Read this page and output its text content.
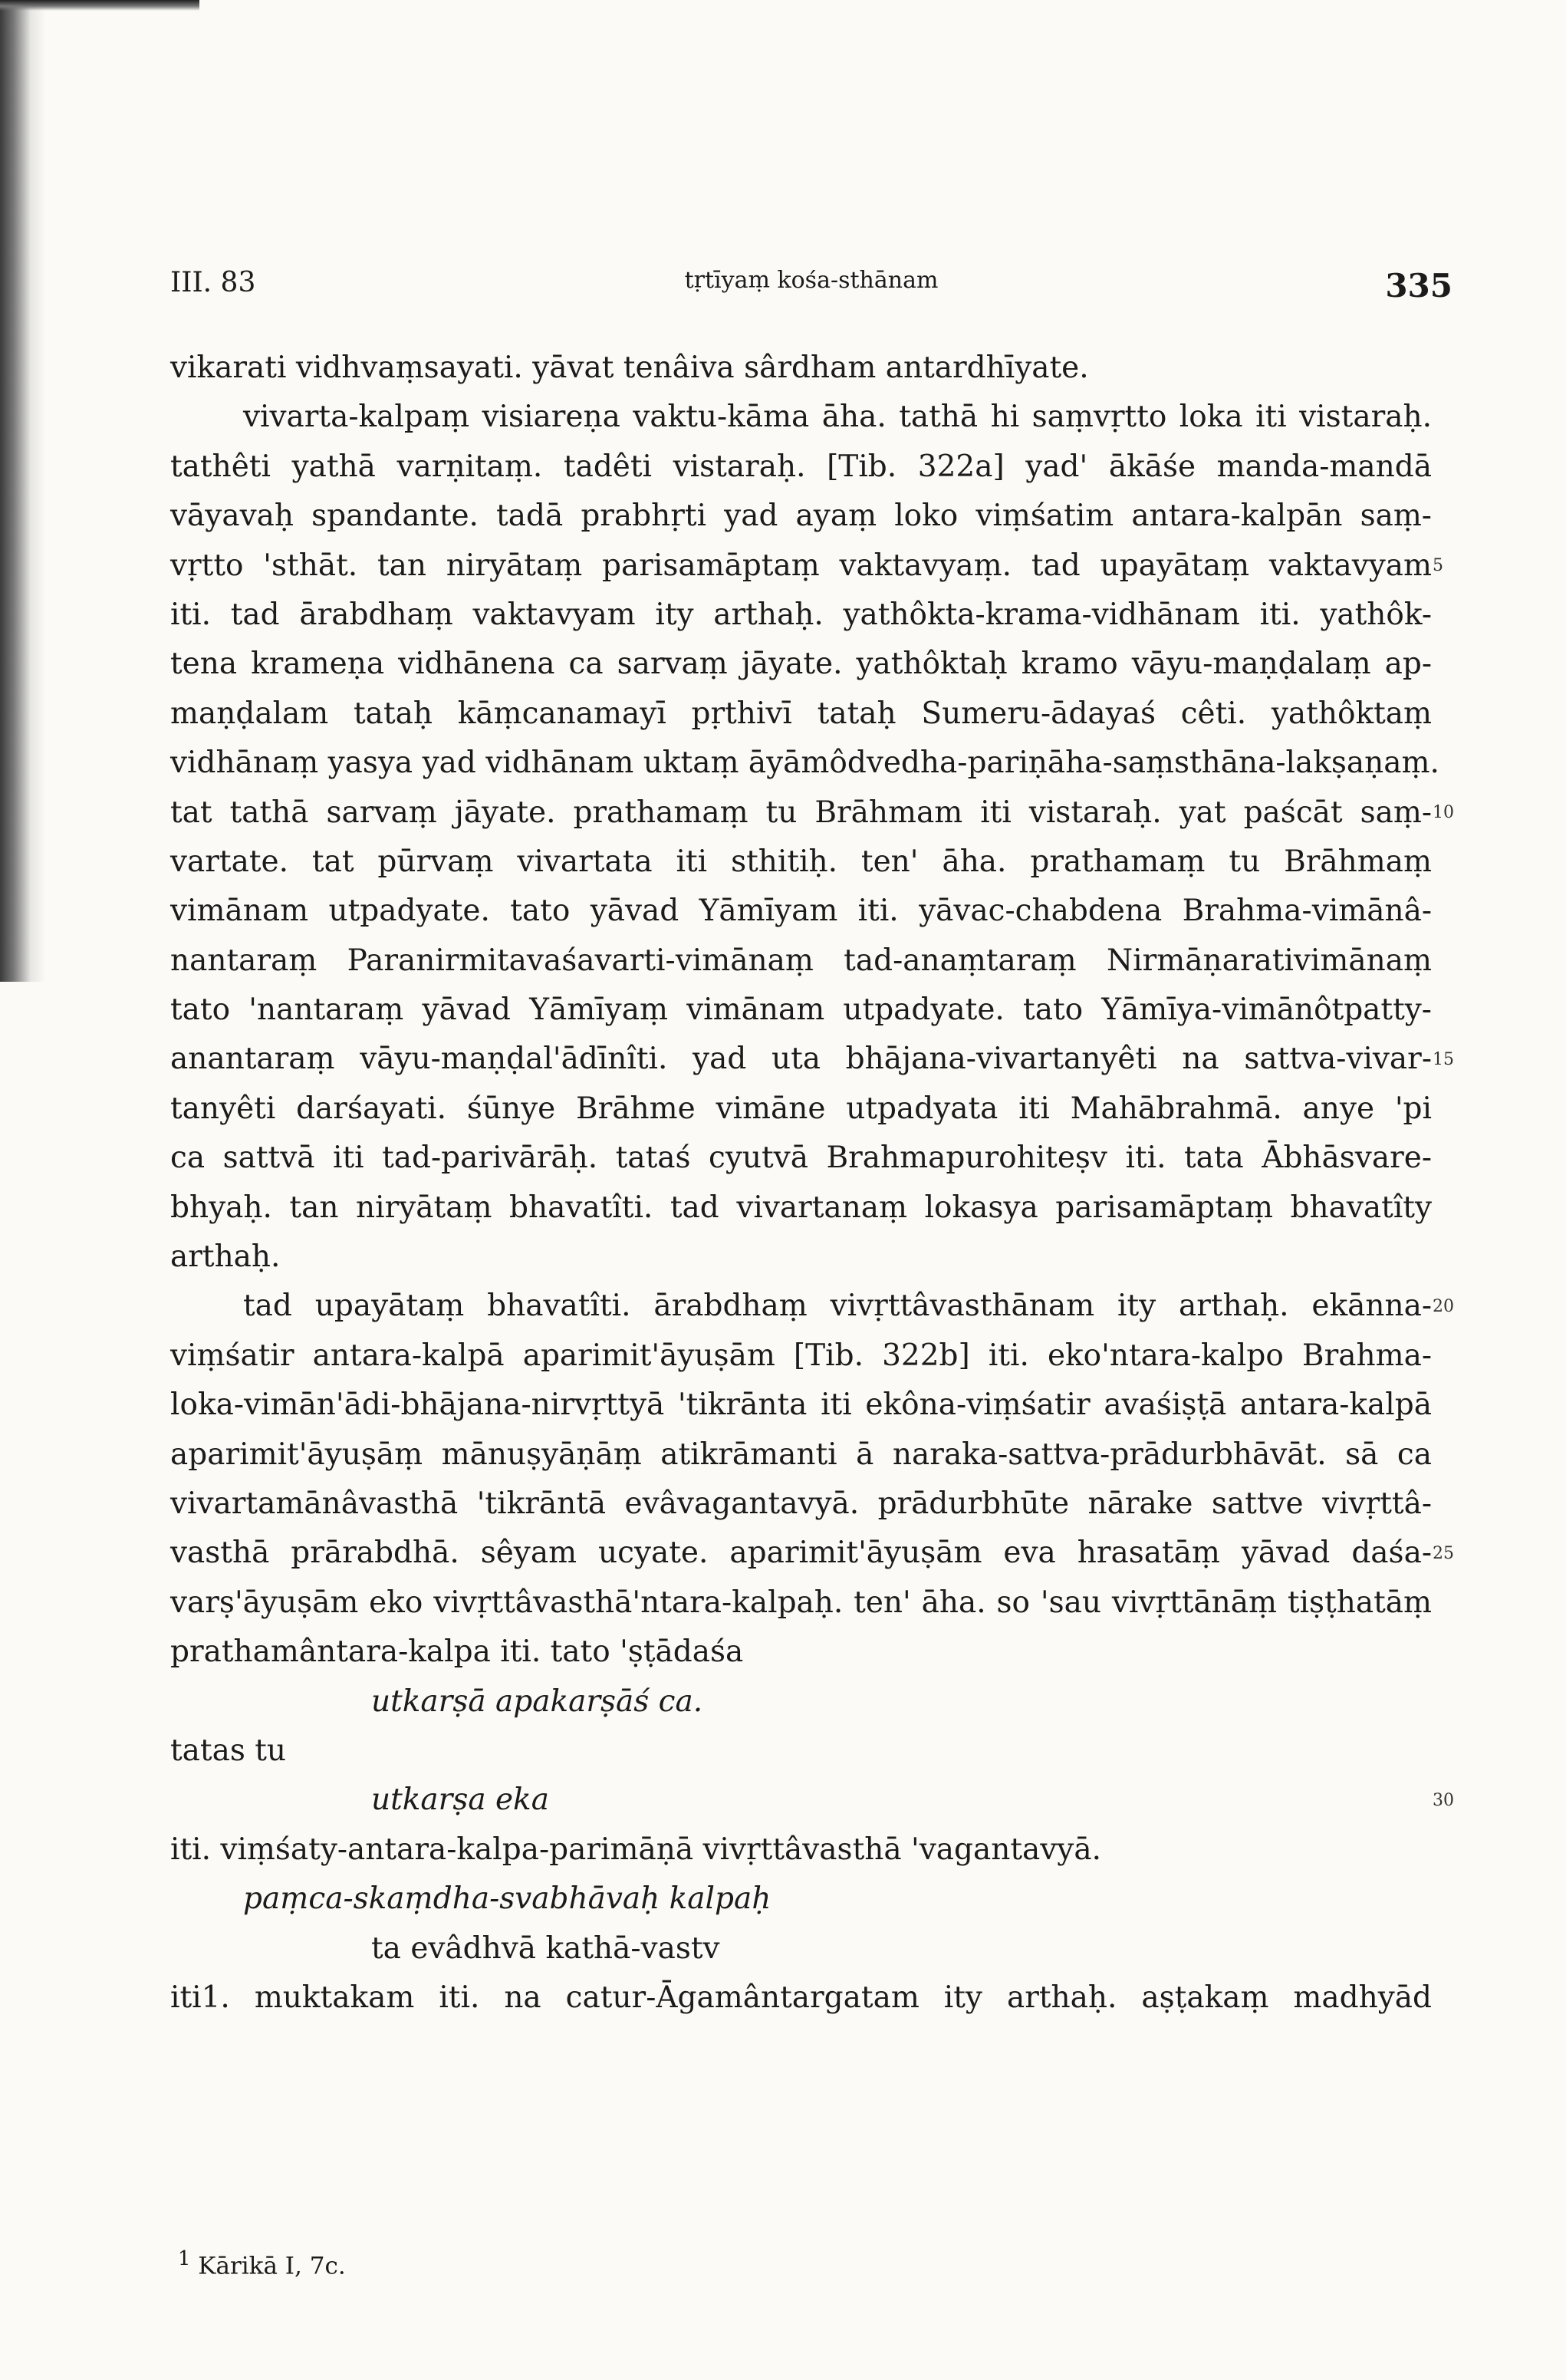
III. 83	tṛtīyaṃ kośa-sthānam	335
vikarati vidhvaṃsayati. yāvat tenâiva sârdham antardhīyate.
vivarta-kalpaṃ visiareṇa vaktu-kāma āha. tathā hi saṃvṛtto loka iti vistaraḥ.
tathêti yathā varṇitaṃ. tadêti vistaraḥ. [Tib. 322a] yad' ākāśe manda-mandā
vāyavaḥ spandante. tadā prabhṛti yad ayaṃ loko viṃśatim antara-kalpān saṃ-
vṛtto 'sthāt. tan niryātaṃ parisamāptaṃ vaktavyaṃ. tad upayātaṃ vaktavyam
iti. tad ārabdhaṃ vaktavyam ity arthaḥ. yathôkta-krama-vidhānam iti. yathôk-
tena krameṇa vidhānena ca sarvaṃ jāyate. yathôktaḥ kramo vāyu-maṇḍalaṃ ap-
maṇḍalam tataḥ kāṃcanamayī pṛthivī tataḥ Sumeru-ādayaś cêti. yathôktaṃ
vidhānaṃ yasya yad vidhānam uktaṃ āyāmôdvedha-pariṇāha-saṃsthāna-lakṣaṇaṃ.
tat tathā sarvaṃ jāyate. prathamaṃ tu Brāhmam iti vistaraḥ. yat paścāt saṃ-
vartate. tat pūrvaṃ vivartata iti sthitiḥ. ten' āha. prathamaṃ tu Brāhmaṃ
vimānam utpadyate. tato yāvad Yāmīyam iti. yāvac-chabdena Brahma-vimānâ-
nantaraṃ Paranirmitavaśavarti-vimānaṃ tad-anaṃtaraṃ Nirmāṇarativimānaṃ
tato 'nantaraṃ yāvad Yāmīyaṃ vimānam utpadyate. tato Yāmīya-vimānôtpatty-
anantaraṃ vāyu-maṇḍal'ādīnîti. yad uta bhājana-vivartanyêti na sattva-vivar-
tanyêti darśayati. śūnye Brāhme vimāne utpadyata iti Mahābrahmā. anye 'pi
ca sattvā iti tad-parivārāḥ. tataś cyutvā Brahmapurohiteṣv iti. tata Ābhāsvare-
bhyaḥ. tan niryātaṃ bhavatîti. tad vivartanaṃ lokasya parisamāptaṃ bhavatîty
arthaḥ.
tad upayātaṃ bhavatîti. ārabdhaṃ vivṛttâvasthānam ity arthaḥ. ekānna-
viṃśatir antara-kalpā aparimit'āyuṣām [Tib. 322b] iti. eko'ntara-kalpo Brahma-
loka-vimān'ādi-bhājana-nirvṛttyā 'tikrānta iti ekôna-viṃśatir avaśiṣṭā antara-kalpā
aparimit'āyuṣāṃ mānuṣyāṇāṃ atikrāmanti ā naraka-sattva-prādurbhāvāt. sā ca
vivartamānâvasthā 'tikrāntā evâvagantavyā. prādurbhūte nārake sattve vivṛttâ-
vasthā prārabdhā. sêyam ucyate. aparimit'āyuṣām eva hrasatāṃ yāvad daśa-
varṣ'āyuṣām eko vivṛttâvasthā'ntara-kalpaḥ. ten' āha. so 'sau vivṛttānāṃ tiṣṭhatāṃ
prathamântara-kalpa iti. tato 'ṣṭādaśa
utkarṣā apakarṣāś ca.
tatas tu
utkarṣa eka
iti. viṃśaty-antara-kalpa-parimāṇā vivṛttâvasthā 'vagantavyā.
paṃca-skaṃdha-svabhāvaḥ kalpaḥ
ta evâdhvā kathā-vastv
iti1. muktakam iti. na catur-Āgamântargatam ity arthaḥ. aṣṭakaṃ madhyād
5
10
15
20
25
30
$^1$ Kārikā I, 7c.
